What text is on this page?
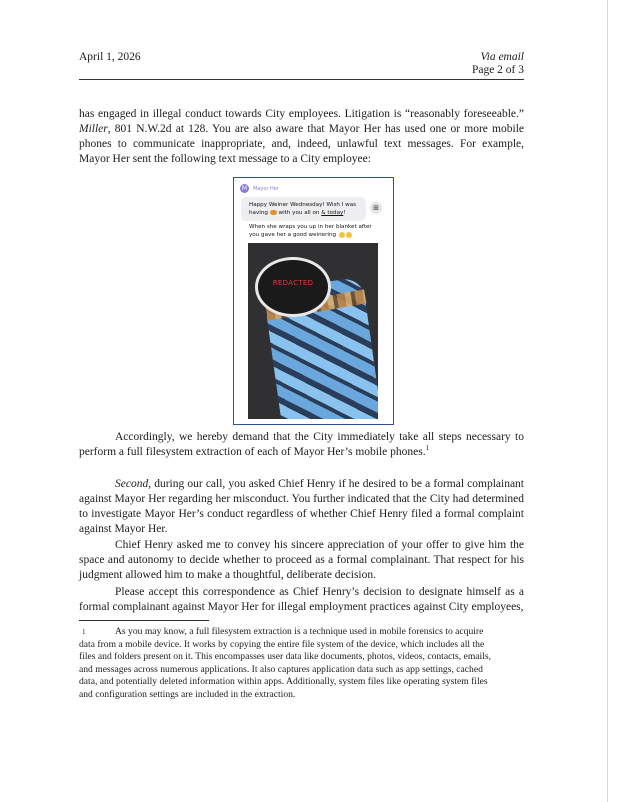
April 1, 2026	Via email
Page 2 of 3
has engaged in illegal conduct towards City employees. Litigation is “reasonably foreseeable.” Miller, 801 N.W.2d at 128. You are also aware that Mayor Her has used one or more mobile phones to communicate inappropriate, and, indeed, unlawful text messages. For example, Mayor Her sent the following text message to a City employee:
M	Mayor Her
Happy Weiner Wednesday! Wish I was having  with you all on & today!
⊞
When she wraps you up in her blanket after you gave her a good weinering
REDACTED
Accordingly, we hereby demand that the City immediately take all steps necessary to perform a full filesystem extraction of each of Mayor Her’s mobile phones.$^1$
Second, during our call, you asked Chief Henry if he desired to be a formal complainant against Mayor Her regarding her misconduct. You further indicated that the City had determined to investigate Mayor Her’s conduct regardless of whether Chief Henry filed a formal complaint against Mayor Her.
Chief Henry asked me to convey his sincere appreciation of your offer to give him the space and autonomy to decide whether to proceed as a formal complainant. That respect for his judgment allowed him to make a thoughtful, deliberate decision.
Please accept this correspondence as Chief Henry’s decision to designate himself as a formal complainant against Mayor Her for illegal employment practices against City employees,
1	As you may know, a full filesystem extraction is a technique used in mobile forensics to acquire data from a mobile device. It works by copying the entire file system of the device, which includes all the files and folders present on it. This encompasses user data like documents, photos, videos, contacts, emails, and messages across numerous applications. It also captures application data such as app settings, cached data, and potentially deleted information within apps. Additionally, system files like operating system files and configuration settings are included in the extraction.
